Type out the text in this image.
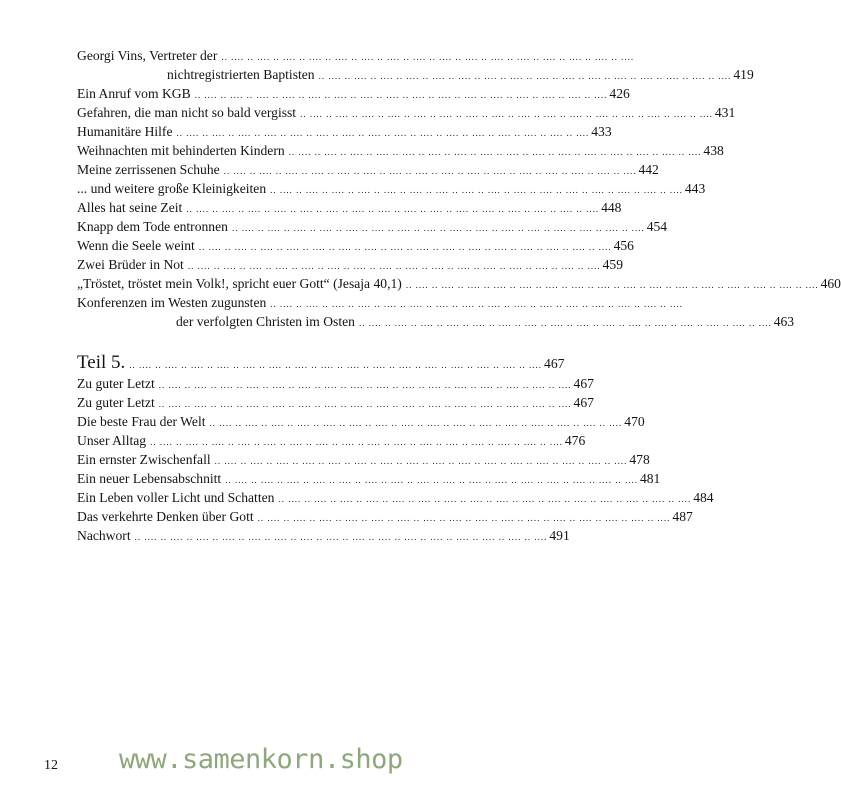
Georgi Vins, Vertreter der .. .... .. .... .. .... .. .... .. .... .. .... .. .... .. .... .. .... .. .... .. .... .. .... .. .... .. .... .. .... .. ....
nichtregistrierten Baptisten .. .... .. .... .. .... .. .... .. .... .. .... .. .... .. .... .. .... .. .... .. .... .. .... .. .... .. .... .. .... .. .... 419
Ein Anruf vom KGB .. .... .. .... .. .... .. .... .. .... .. .... .. .... .. .... .. .... .. .... .. .... .. .... .. .... .. .... .. .... .. .... 426
Gefahren, die man nicht so bald vergisst .. .... .. .... .. .... .. .... .. .... .. .... .. .... .. .... .. .... .. .... .. .... .. .... .. .... .. .... .. .... .. .... 431
Humanitäre Hilfe .. .... .. .... .. .... .. .... .. .... .. .... .. .... .. .... .. .... .. .... .. .... .. .... .. .... .. .... .. .... .. .... 433
Weihnachten mit behinderten Kindern .. .... .. .... .. .... .. .... .. .... .. .... .. .... .. .... .. .... .. .... .. .... .. .... .. .... .. .... .. .... .. .... 438
Meine zerrissenen Schuhe .. .... .. .... .. .... .. .... .. .... .. .... .. .... .. .... .. .... .. .... .. .... .. .... .. .... .. .... .. .... .. .... 442
... und weitere große Kleinigkeiten .. .... .. .... .. .... .. .... .. .... .. .... .. .... .. .... .. .... .. .... .. .... .. .... .. .... .. .... .. .... .. .... 443
Alles hat seine Zeit .. .... .. .... .. .... .. .... .. .... .. .... .. .... .. .... .. .... .. .... .. .... .. .... .. .... .. .... .. .... .. .... 448
Knapp dem Tode entronnen .. .... .. .... .. .... .. .... .. .... .. .... .. .... .. .... .. .... .. .... .. .... .. .... .. .... .. .... .. .... .. .... 454
Wenn die Seele weint .. .... .. .... .. .... .. .... .. .... .. .... .. .... .. .... .. .... .. .... .. .... .. .... .. .... .. .... .. .... .. .... 456
Zwei Brüder in Not .. .... .. .... .. .... .. .... .. .... .. .... .. .... .. .... .. .... .. .... .. .... .. .... .. .... .. .... .. .... .. .... 459
„Tröstet, tröstet mein Volk!, spricht euer Gott“ (Jesaja 40,1) .. .... .. .... .. .... .. .... .. .... .. .... .. .... .. .... .. .... .. .... .. .... .. .... .. .... .. .... .. .... .. .... 460
Konferenzen im Westen zugunsten .. .... .. .... .. .... .. .... .. .... .. .... .. .... .. .... .. .... .. .... .. .... .. .... .. .... .. .... .. .... .. ....
der verfolgten Christen im Osten .. .... .. .... .. .... .. .... .. .... .. .... .. .... .. .... .. .... .. .... .. .... .. .... .. .... .. .... .. .... .. .... 463
Teil 5. .. .... .. .... .. .... .. .... .. .... .. .... .. .... .. .... .. .... .. .... .. .... .. .... .. .... .. .... .. .... .. .... 467
Zu guter Letzt .. .... .. .... .. .... .. .... .. .... .. .... .. .... .. .... .. .... .. .... .. .... .. .... .. .... .. .... .. .... .. .... 467
Zu guter Letzt .. .... .. .... .. .... .. .... .. .... .. .... .. .... .. .... .. .... .. .... .. .... .. .... .. .... .. .... .. .... .. .... 467
Die beste Frau der Welt .. .... .. .... .. .... .. .... .. .... .. .... .. .... .. .... .. .... .. .... .. .... .. .... .. .... .. .... .. .... .. .... 470
Unser Alltag .. .... .. .... .. .... .. .... .. .... .. .... .. .... .. .... .. .... .. .... .. .... .. .... .. .... .. .... .. .... .. .... 476
Ein ernster Zwischenfall .. .... .. .... .. .... .. .... .. .... .. .... .. .... .. .... .. .... .. .... .. .... .. .... .. .... .. .... .. .... .. .... 478
Ein neuer Lebensabschnitt .. .... .. .... .. .... .. .... .. .... .. .... .. .... .. .... .. .... .. .... .. .... .. .... .. .... .. .... .. .... .. .... 481
Ein Leben voller Licht und Schatten .. .... .. .... .. .... .. .... .. .... .. .... .. .... .. .... .. .... .. .... .. .... .. .... .. .... .. .... .. .... .. .... 484
Das verkehrte Denken über Gott .. .... .. .... .. .... .. .... .. .... .. .... .. .... .. .... .. .... .. .... .. .... .. .... .. .... .. .... .. .... .. .... 487
Nachwort .. .... .. .... .. .... .. .... .. .... .. .... .. .... .. .... .. .... .. .... .. .... .. .... .. .... .. .... .. .... .. .... 491
12 www.samenkorn.shop
